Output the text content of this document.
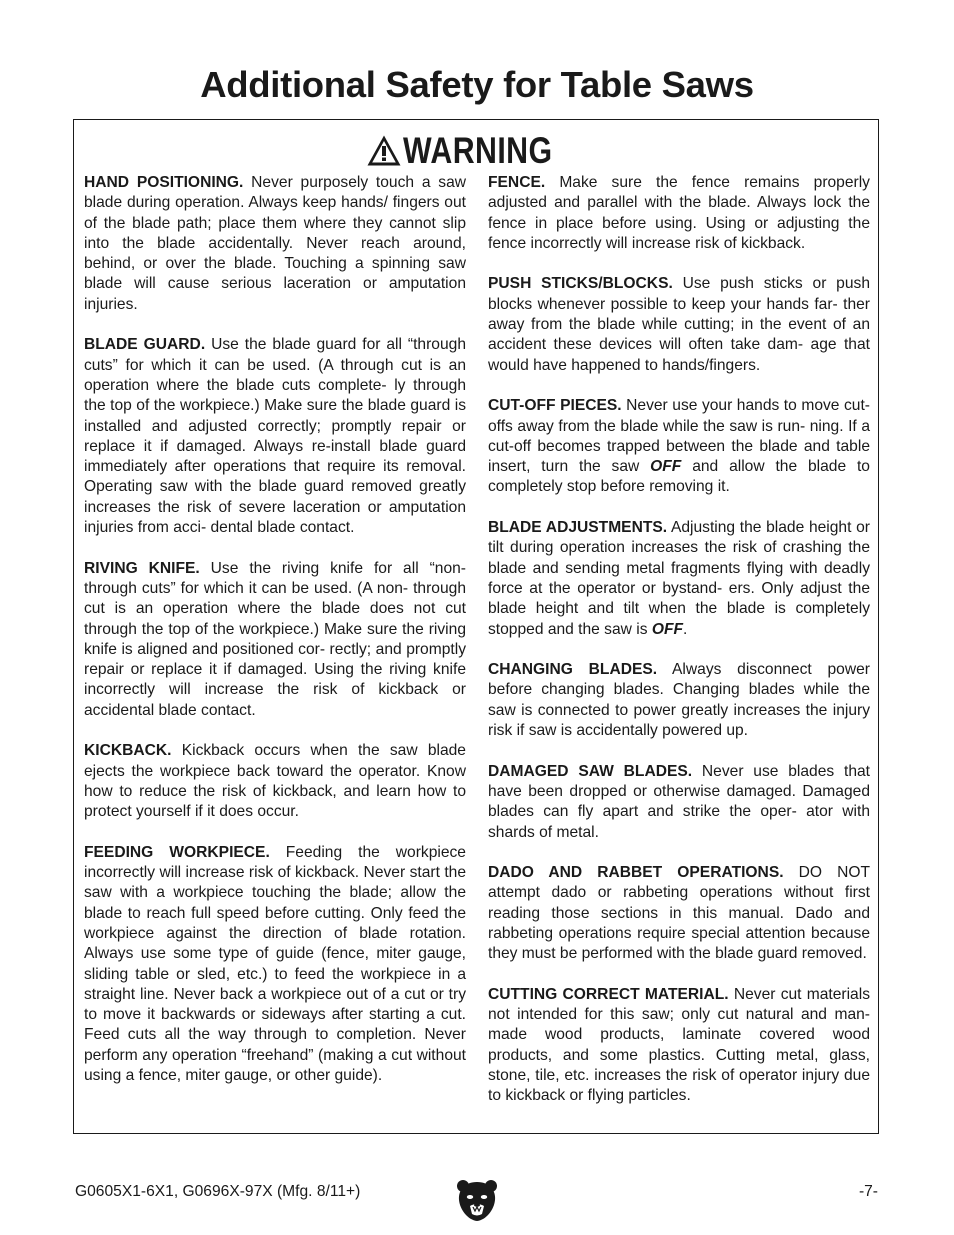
Additional Safety for Table Saws
WARNING

HAND POSITIONING. Never purposely touch a saw blade during operation. Always keep hands/ fingers out of the blade path; place them where they cannot slip into the blade accidentally. Never reach around, behind, or over the blade. Touching a spinning saw blade will cause serious laceration or amputation injuries.

BLADE GUARD. Use the blade guard for all “through cuts” for which it can be used. (A through cut is an operation where the blade cuts complete- ly through the top of the workpiece.) Make sure the blade guard is installed and adjusted correctly; promptly repair or replace it if damaged. Always re-install blade guard immediately after operations that require its removal. Operating saw with the blade guard removed greatly increases the risk of severe laceration or amputation injuries from acci- dental blade contact.

RIVING KNIFE. Use the riving knife for all “non- through cuts” for which it can be used. (A non- through cut is an operation where the blade does not cut through the top of the workpiece.) Make sure the riving knife is aligned and positioned cor- rectly; and promptly repair or replace it if damaged. Using the riving knife incorrectly will increase the risk of kickback or accidental blade contact.

KICKBACK. Kickback occurs when the saw blade ejects the workpiece back toward the operator. Know how to reduce the risk of kickback, and learn how to protect yourself if it does occur.

FEEDING WORKPIECE. Feeding the workpiece incorrectly will increase risk of kickback. Never start the saw with a workpiece touching the blade; allow the blade to reach full speed before cutting. Only feed the workpiece against the direction of blade rotation. Always use some type of guide (fence, miter gauge, sliding table or sled, etc.) to feed the workpiece in a straight line. Never back a workpiece out of a cut or try to move it backwards or sideways after starting a cut. Feed cuts all the way through to completion. Never perform any operation “freehand” (making a cut without using a fence, miter gauge, or other guide).

FENCE. Make sure the fence remains properly adjusted and parallel with the blade. Always lock the fence in place before using. Using or adjusting the fence incorrectly will increase risk of kickback.

PUSH STICKS/BLOCKS. Use push sticks or push blocks whenever possible to keep your hands far- ther away from the blade while cutting; in the event of an accident these devices will often take dam- age that would have happened to hands/fingers.

CUT-OFF PIECES. Never use your hands to move cut-offs away from the blade while the saw is run- ning. If a cut-off becomes trapped between the blade and table insert, turn the saw OFF and allow the blade to completely stop before removing it.

BLADE ADJUSTMENTS. Adjusting the blade height or tilt during operation increases the risk of crashing the blade and sending metal fragments flying with deadly force at the operator or bystand- ers. Only adjust the blade height and tilt when the blade is completely stopped and the saw is OFF.

CHANGING BLADES. Always disconnect power before changing blades. Changing blades while the saw is connected to power greatly increases the injury risk if saw is accidentally powered up.

DAMAGED SAW BLADES. Never use blades that have been dropped or otherwise damaged. Damaged blades can fly apart and strike the oper- ator with shards of metal.

DADO AND RABBET OPERATIONS. DO NOT attempt dado or rabbeting operations without first reading those sections in this manual. Dado and rabbeting operations require special attention because they must be performed with the blade guard removed.

CUTTING CORRECT MATERIAL. Never cut materials not intended for this saw; only cut natural and man-made wood products, laminate covered wood products, and some plastics. Cutting metal, glass, stone, tile, etc. increases the risk of operator injury due to kickback or flying particles.

G0605X1-6X1, G0696X-97X (Mfg. 8/11+)	-7-
